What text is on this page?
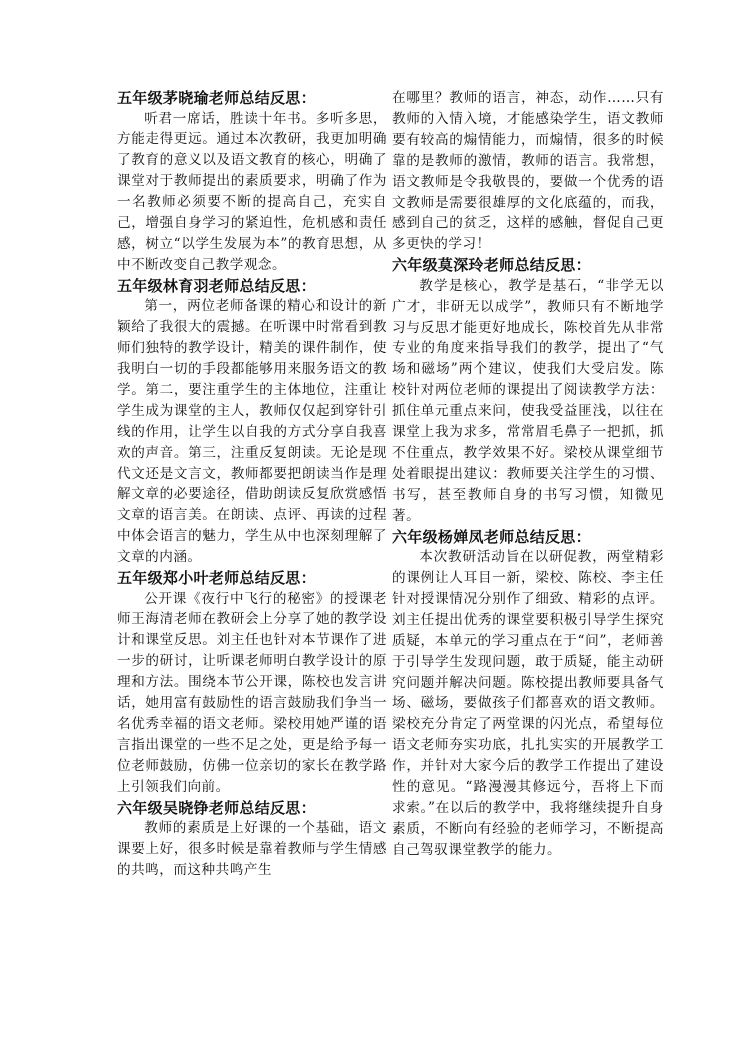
五年级茅晓瑜老师总结反思：

听君一席话，胜读十年书。多听多思，方能走得更远。通过本次教研，我更加明确了教育的意义以及语文教育的核心，明确了课堂对于教师提出的素质要求，明确了作为一名教师必须要不断的提高自己，充实自己，增强自身学习的紧迫性，危机感和责任感，树立“以学生发展为本”的教育思想，从中不断改变自己教学观念。

五年级林育羽老师总结反思：

第一，两位老师备课的精心和设计的新颖给了我很大的震撼。在听课中时常看到教师们独特的教学设计，精美的课件制作，使我明白一切的手段都能够用来服务语文的教学。第二，要注重学生的主体地位，注重让学生成为课堂的主人，教师仅仅起到穿针引线的作用，让学生以自我的方式分享自我喜欢的声音。第三，注重反复朗读。无论是现代文还是文言文，教师都要把朗读当作是理解文章的必要途径，借助朗读反复欣赏感悟文章的语言美。在朗读、点评、再读的过程中体会语言的魅力，学生从中也深刻理解了文章的内涵。

五年级郑小叶老师总结反思：

公开课《夜行中飞行的秘密》的授课老师王海清老师在教研会上分享了她的教学设计和课堂反思。刘主任也针对本节课作了进一步的研讨，让听课老师明白教学设计的原理和方法。围绕本节公开课，陈校也发言讲话，她用富有鼓励性的语言鼓励我们争当一名优秀幸福的语文老师。梁校用她严谨的语言指出课堂的一些不足之处，更是给予每一位老师鼓励，仿佛一位亲切的家长在教学路上引领我们向前。

六年级吴晓铮老师总结反思：

教师的素质是上好课的一个基础，语文课要上好，很多时候是靠着教师与学生情感的共鸣，而这种共鸣产生

在哪里？教师的语言，神态，动作……只有教师的入情入境，才能感染学生，语文教师要有较高的煽情能力，而煽情，很多的时候靠的是教师的激情，教师的语言。我常想，语文教师是令我敬畏的，要做一个优秀的语文教师是需要很雄厚的文化底蕴的，而我，感到自己的贫乏，这样的感触，督促自己更多更快的学习！

六年级莫深玲老师总结反思：

教学是核心，教学是基石，“非学无以广才，非研无以成学”，教师只有不断地学习与反思才能更好地成长，陈校首先从非常专业的角度来指导我们的教学，提出了“气场和磁场”两个建议，使我们大受启发。陈校针对两位老师的课提出了阅读教学方法：抓住单元重点来问，使我受益匪浅，以往在课堂上我为求多，常常眉毛鼻子一把抓，抓不住重点，教学效果不好。梁校从课堂细节处着眼提出建议：教师要关注学生的习惯、书写，甚至教师自身的书写习惯，知微见著。

六年级杨婵凤老师总结反思：

本次教研活动旨在以研促教，两堂精彩的课例让人耳目一新，梁校、陈校、李主任针对授课情况分别作了细致、精彩的点评。刘主任提出优秀的课堂要积极引导学生探究质疑，本单元的学习重点在于“问”，老师善于引导学生发现问题，敢于质疑，能主动研究问题并解决问题。陈校提出教师要具备气场、磁场，要做孩子们都喜欢的语文教师。梁校充分肯定了两堂课的闪光点，希望每位语文老师夯实功底，扎扎实实的开展教学工作，并针对大家今后的教学工作提出了建设性的意见。“路漫漫其修远兮，吾将上下而求索。”在以后的教学中，我将继续提升自身素质，不断向有经验的老师学习，不断提高自己驾驭课堂教学的能力。
